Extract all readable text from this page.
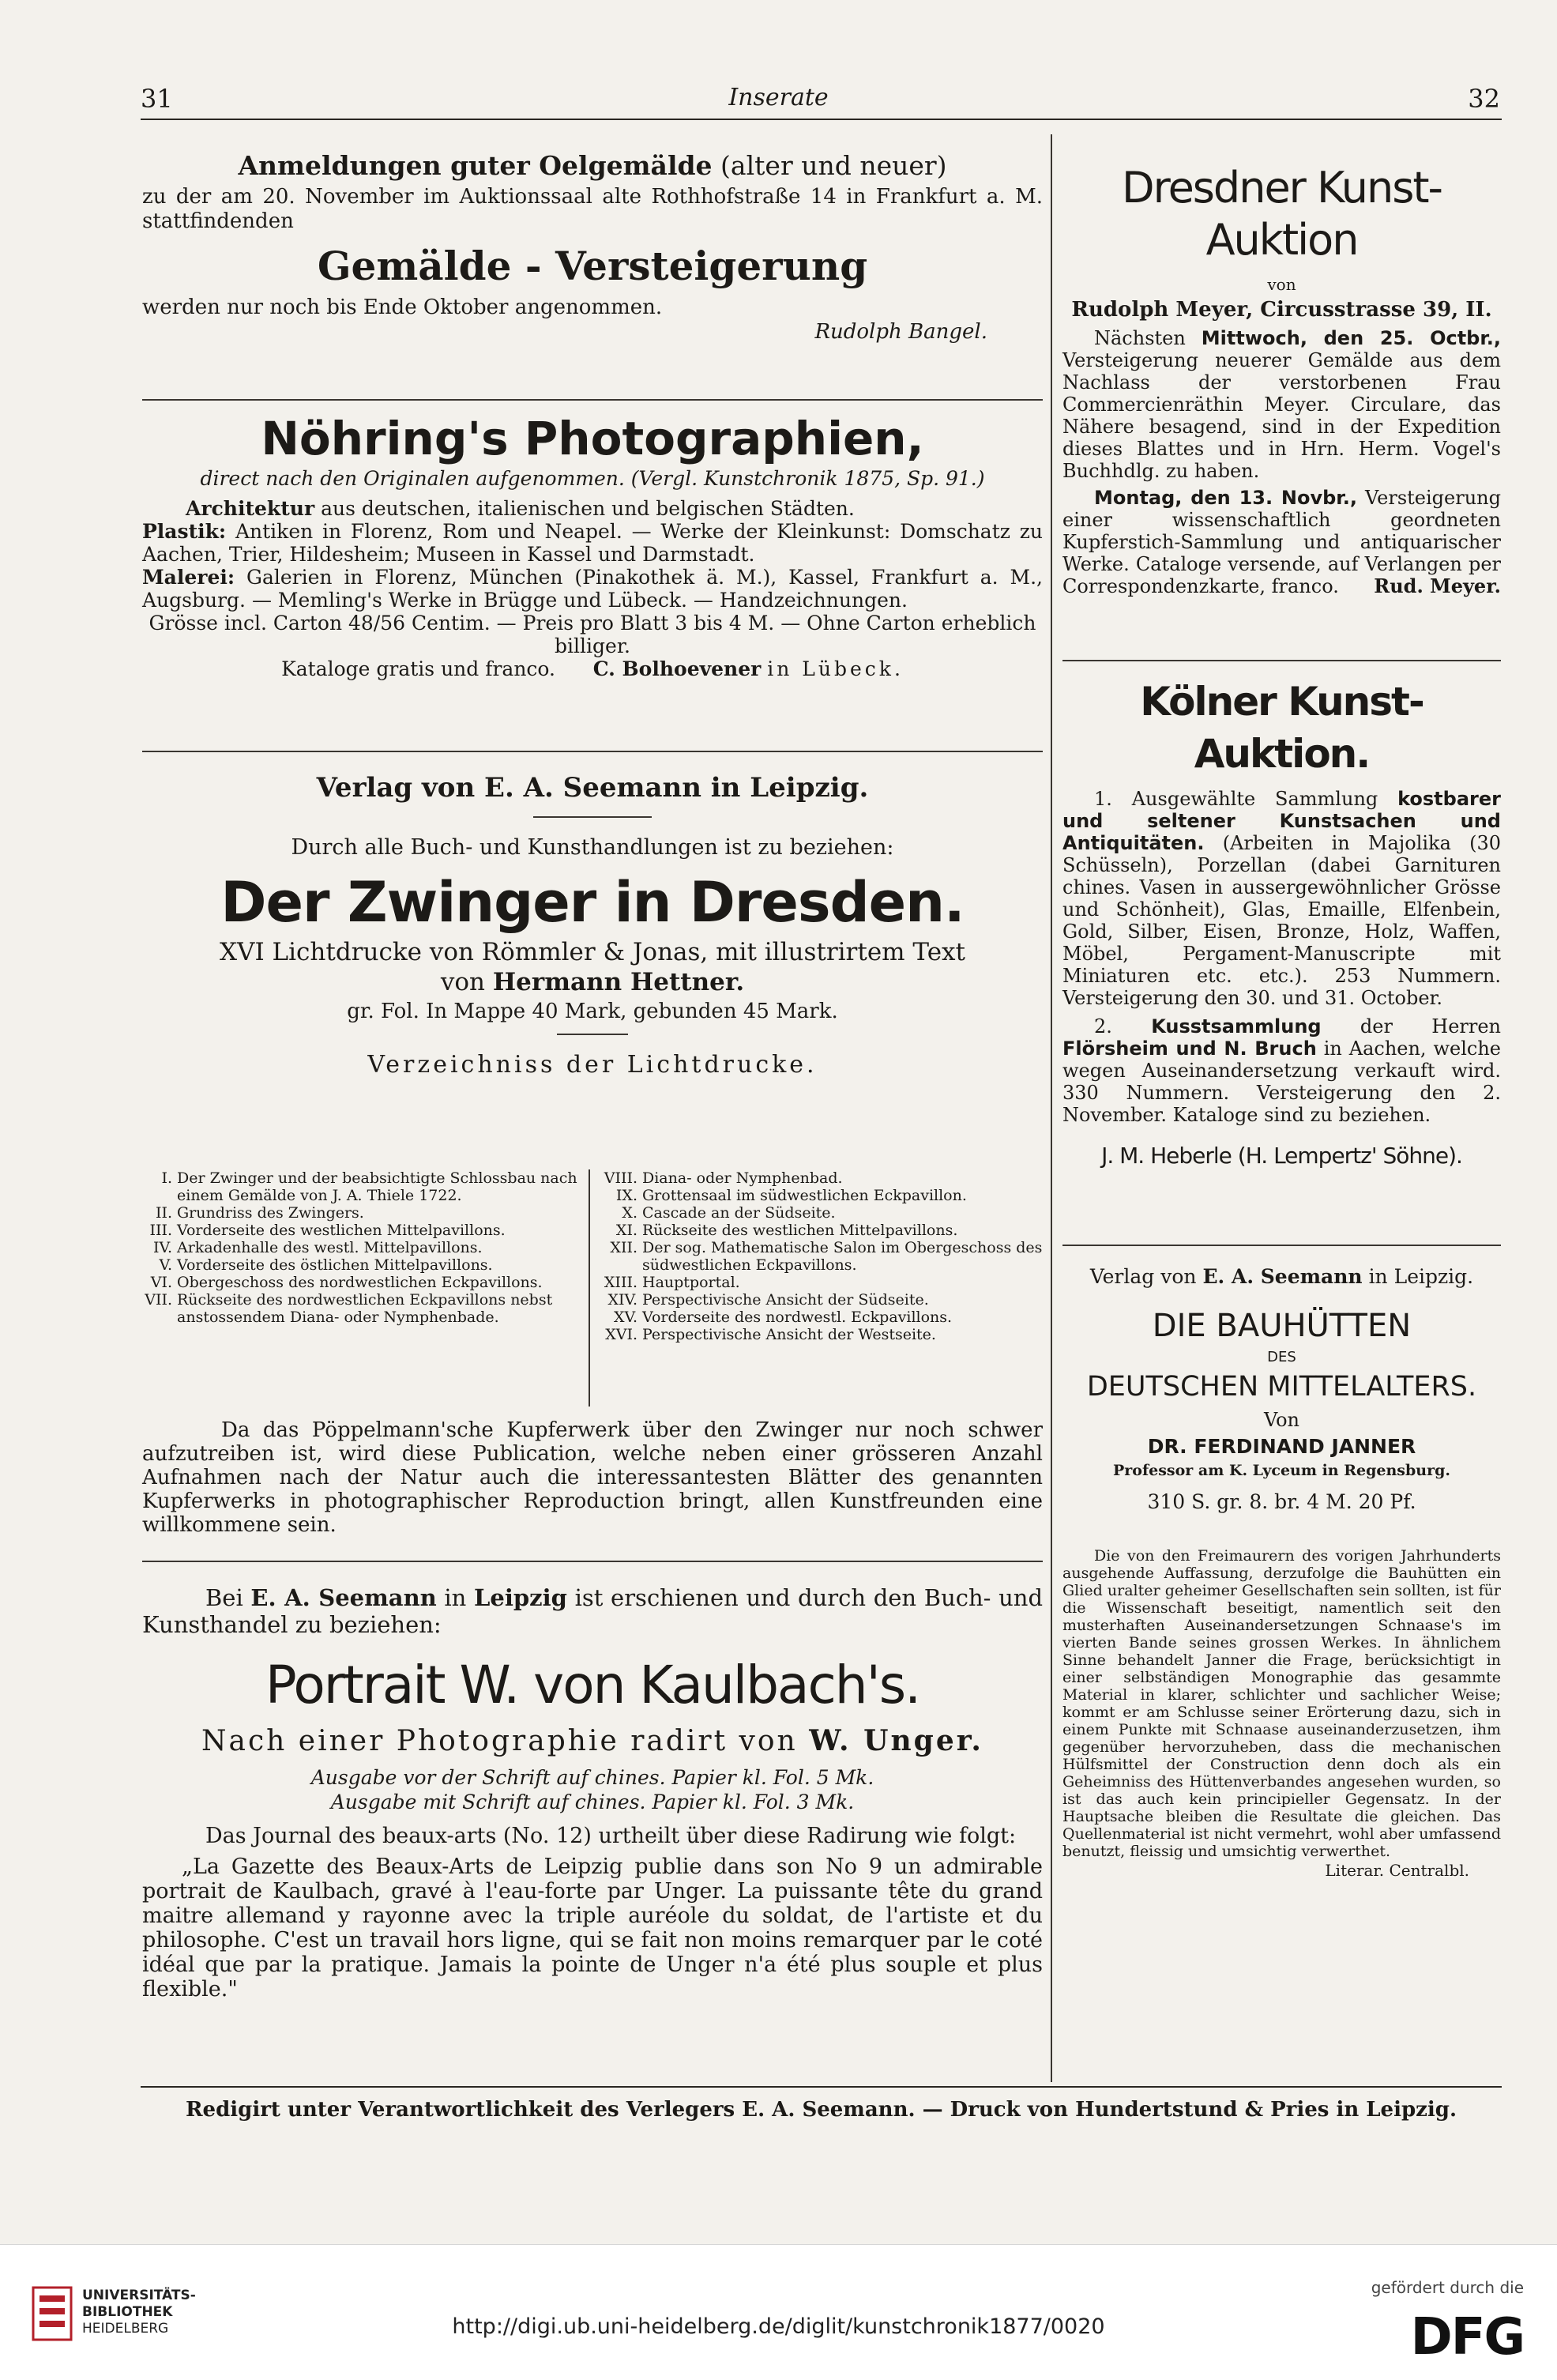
31	Inserate	32

Anmeldungen guter Oelgemälde (alter und neuer)

zu der am 20. November im Auktionssaal alte Rothhofstraße 14 in Frankfurt a. M. stattfindenden

Gemälde - Versteigerung

werden nur noch bis Ende Oktober angenommen.

Rudolph Bangel.

Nöhring's Photographien,

direct nach den Originalen aufgenommen. (Vergl. Kunstchronik 1875, Sp. 91.)

Architektur aus deutschen, italienischen und belgischen Städten.

Plastik: Antiken in Florenz, Rom und Neapel. — Werke der Kleinkunst: Domschatz zu Aachen, Trier, Hildesheim; Museen in Kassel und Darmstadt.

Malerei: Galerien in Florenz, München (Pinakothek ä. M.), Kassel, Frankfurt a. M., Augsburg. — Memling's Werke in Brügge und Lübeck. — Handzeichnungen.

Grösse incl. Carton 48/56 Centim. — Preis pro Blatt 3 bis 4 M. — Ohne Carton erheblich billiger.

Kataloge gratis und franco. C. Bolhoevener in Lübeck.

Verlag von E. A. Seemann in Leipzig.

Durch alle Buch- und Kunsthandlungen ist zu beziehen:

Der Zwinger in Dresden.

XVI Lichtdrucke von Römmler & Jonas, mit illustrirtem Text

von Hermann Hettner.

gr. Fol. In Mappe 40 Mark, gebunden 45 Mark.

Verzeichniss der Lichtdrucke.

I. Der Zwinger und der beabsichtigte Schlossbau nach einem Gemälde von J. A. Thiele 1722.
II. Grundriss des Zwingers.
III. Vorderseite des westlichen Mittelpavillons.
IV. Arkadenhalle des westl. Mittelpavillons.
V. Vorderseite des östlichen Mittelpavillons.
VI. Obergeschoss des nordwestlichen Eckpavillons.
VII. Rückseite des nordwestlichen Eckpavillons nebst anstossendem Diana- oder Nymphenbade.
VIII. Diana- oder Nymphenbad.
IX. Grottensaal im südwestlichen Eckpavillon.
X. Cascade an der Südseite.
XI. Rückseite des westlichen Mittelpavillons.
XII. Der sog. Mathematische Salon im Obergeschoss des südwestlichen Eckpavillons.
XIII. Hauptportal.
XIV. Perspectivische Ansicht der Südseite.
XV. Vorderseite des nordwestl. Eckpavillons.
XVI. Perspectivische Ansicht der Westseite.

Da das Pöppelmann'sche Kupferwerk über den Zwinger nur noch schwer aufzutreiben ist, wird diese Publication, welche neben einer grösseren Anzahl Aufnahmen nach der Natur auch die interessantesten Blätter des genannten Kupferwerks in photographischer Reproduction bringt, allen Kunstfreunden eine willkommene sein.

Bei E. A. Seemann in Leipzig ist erschienen und durch den Buch- und Kunsthandel zu beziehen:

Portrait W. von Kaulbach's.

Nach einer Photographie radirt von W. Unger.

Ausgabe vor der Schrift auf chines. Papier kl. Fol. 5 Mk.

Ausgabe mit Schrift auf chines. Papier kl. Fol. 3 Mk.

Das Journal des beaux-arts (No. 12) urtheilt über diese Radirung wie folgt:

„La Gazette des Beaux-Arts de Leipzig publie dans son No 9 un admirable portrait de Kaulbach, gravé à l'eau-forte par Unger. La puissante tête du grand maitre allemand y rayonne avec la triple auréole du soldat, de l'artiste et du philosophe. C'est un travail hors ligne, qui se fait non moins remarquer par le coté idéal que par la pratique. Jamais la pointe de Unger n'a été plus souple et plus flexible."

Dresdner Kunst-Auktion

von

Rudolph Meyer, Circusstrasse 39, II.

Nächsten Mittwoch, den 25. Octbr., Versteigerung neuerer Gemälde aus dem Nachlass der verstorbenen Frau Commercienräthin Meyer. Circulare, das Nähere besagend, sind in der Expedition dieses Blattes und in Hrn. Herm. Vogel's Buchhdlg. zu haben.

Montag, den 13. Novbr., Versteigerung einer wissenschaftlich geordneten Kupferstich-Sammlung und antiquarischer Werke. Cataloge versende, auf Verlangen per Correspondenzkarte, franco.	Rud. Meyer.

Kölner Kunst-Auktion.

1. Ausgewählte Sammlung kostbarer und seltener Kunstsachen und Antiquitäten. (Arbeiten in Majolika (30 Schüsseln), Porzellan (dabei Garnituren chines. Vasen in aussergewöhnlicher Grösse und Schönheit), Glas, Emaille, Elfenbein, Gold, Silber, Eisen, Bronze, Holz, Waffen, Möbel, Pergament-Manuscripte mit Miniaturen etc. etc.). 253 Nummern. Versteigerung den 30. und 31. October.

2. Kusstsammlung der Herren Flörsheim und N. Bruch in Aachen, welche wegen Auseinandersetzung verkauft wird. 330 Nummern. Versteigerung den 2. November. Kataloge sind zu beziehen.

J. M. Heberle (H. Lempertz' Söhne).

Verlag von E. A. Seemann in Leipzig.

DIE BAUHÜTTEN

DES

DEUTSCHEN MITTELALTERS.

Von

DR. FERDINAND JANNER

Professor am K. Lyceum in Regensburg.

310 S. gr. 8. br. 4 M. 20 Pf.

Die von den Freimaurern des vorigen Jahrhunderts ausgehende Auffassung, derzufolge die Bauhütten ein Glied uralter geheimer Gesellschaften sein sollten, ist für die Wissenschaft beseitigt, namentlich seit den musterhaften Auseinandersetzungen Schnaase's im vierten Bande seines grossen Werkes. In ähnlichem Sinne behandelt Janner die Frage, berücksichtigt in einer selbständigen Monographie das gesammte Material in klarer, schlichter und sachlicher Weise; kommt er am Schlusse seiner Erörterung dazu, sich in einem Punkte mit Schnaase auseinanderzusetzen, ihm gegenüber hervorzuheben, dass die mechanischen Hülfsmittel der Construction denn doch als ein Geheimniss des Hüttenverbandes angesehen wurden, so ist das auch kein principieller Gegensatz. In der Hauptsache bleiben die Resultate die gleichen. Das Quellenmaterial ist nicht vermehrt, wohl aber umfassend benutzt, fleissig und umsichtig verwerthet.

Literar. Centralbl.

Redigirt unter Verantwortlichkeit des Verlegers E. A. Seemann. — Druck von Hundertstund & Pries in Leipzig.

UNIVERSITÄTS-
BIBLIOTHEK
HEIDELBERG	http://digi.ub.uni-heidelberg.de/diglit/kunstchronik1877/0020
gefördert durch die
DFG
